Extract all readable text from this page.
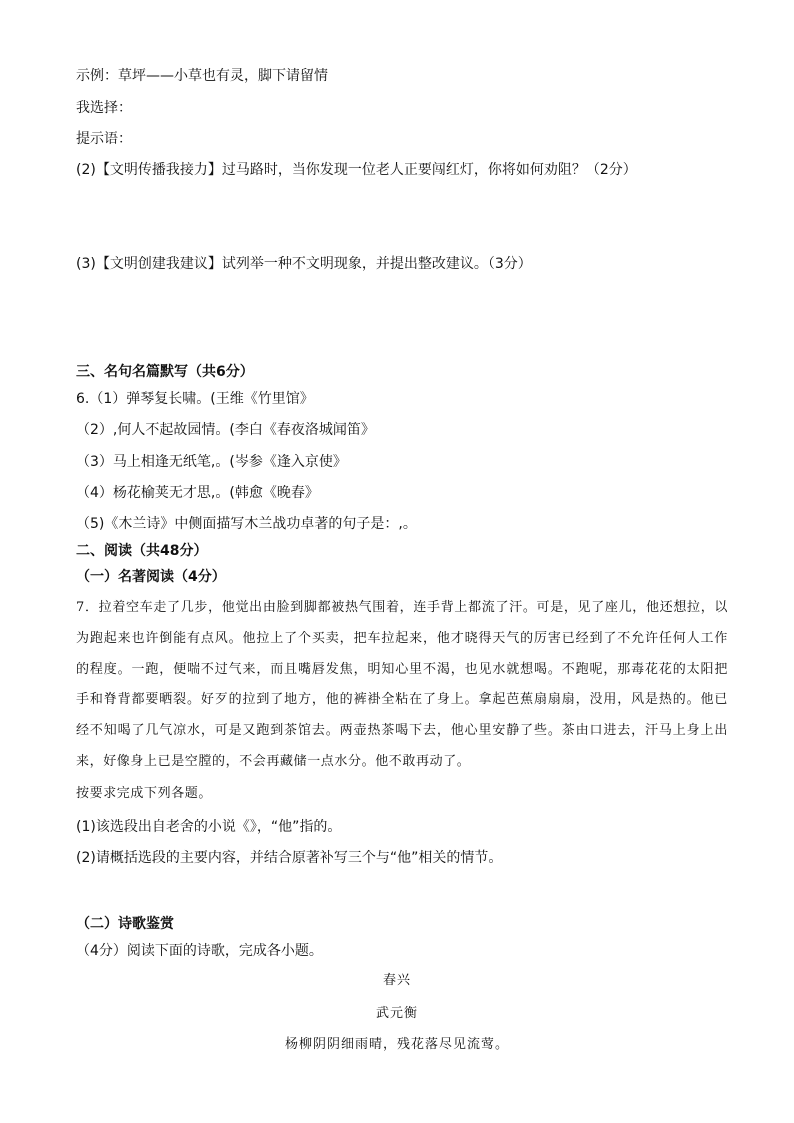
示例：草坪——小草也有灵，脚下请留情
我选择：
提示语：
(2)【文明传播我接力】过马路时，当你发现一位老人正要闯红灯，你将如何劝阻？（2分）
(3)【文明创建我建议】试列举一种不文明现象，并提出整改建议。（3分）
三、名句名篇默写（共6分）
6.（1）弹琴复长啸。(王维《竹里馆》
（2）,何人不起故园情。(李白《春夜洛城闻笛》
（3）马上相逢无纸笔,。(岑参《逢入京使》
（4）杨花榆荚无才思,。(韩愈《晚春》
（5)《木兰诗》中侧面描写木兰战功卓著的句子是：,。
二、阅读（共48分）
（一）名著阅读（4分）
7．拉着空车走了几步，他觉出由脸到脚都被热气围着，连手背上都流了汗。可是，见了座儿，他还想拉，以为跑起来也许倒能有点风。他拉上了个买卖，把车拉起来，他才晓得天气的厉害已经到了不允许任何人工作的程度。一跑，便喘不过气来，而且嘴唇发焦，明知心里不渴，也见水就想喝。不跑呢，那毒花花的太阳把手和脊背都要晒裂。好歹的拉到了地方，他的裤褂全粘在了身上。拿起芭蕉扇扇扇，没用，风是热的。他已经不知喝了几气凉水，可是又跑到茶馆去。两壶热茶喝下去，他心里安静了些。茶由口进去，汗马上身上出来，好像身上已是空膛的，不会再藏储一点水分。他不敢再动了。
按要求完成下列各题。
(1)该选段出自老舍的小说《》，“他”指的。
(2)请概括选段的主要内容，并结合原著补写三个与“他”相关的情节。
（二）诗歌鉴赏
（4分）阅读下面的诗歌，完成各小题。
春兴
武元衡
杨柳阴阴细雨晴，残花落尽见流莺。
